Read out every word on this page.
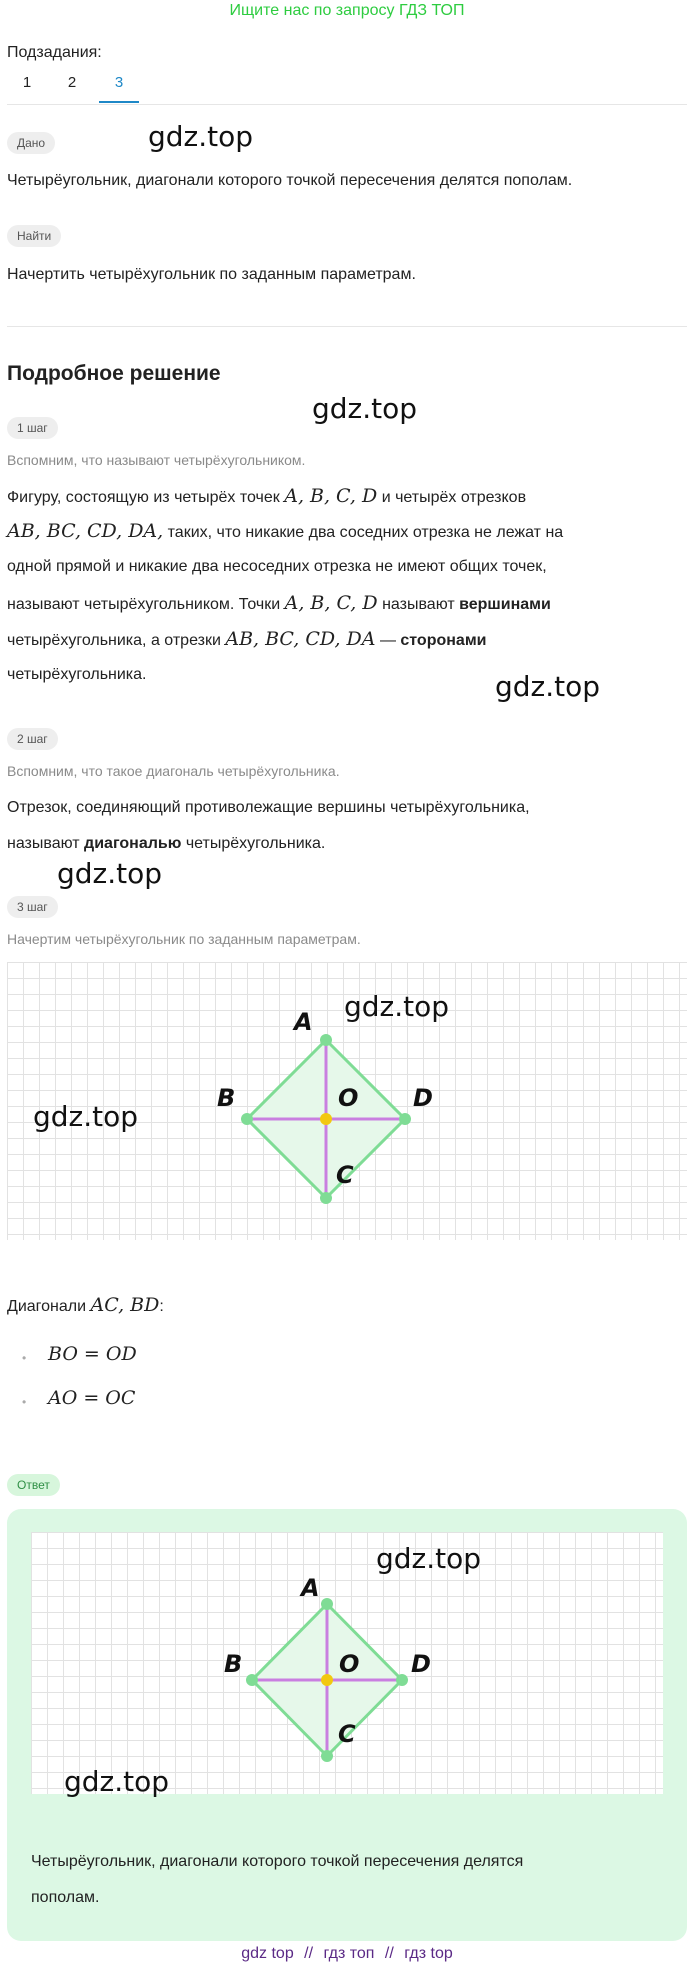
Ищите нас по запросу ГДЗ ТОП
Подзадания:
1	2	3
Дано	gdz.top
Четырёугольник, диагонали которого точкой пересечения делятся пополам.
Найти
Начертить четырёхугольник по заданным параметрам.
Подробное решение
gdz.top
1 шаг
Вспомним, что называют четырёхугольником.
Фигуру, состоящую из четырёх точек A, B, C, D и четырёх отрезков
AB, BC, CD, DA, таких, что никакие два соседних отрезка не лежат на
одной прямой и никакие два несоседних отрезка не имеют общих точек,
называют четырёхугольником. Точки A, B, C, D называют вершинами
четырёхугольника, а отрезки AB, BC, CD, DA — сторонами
четырёхугольника.	gdz.top
2 шаг
Вспомним, что такое диагональ четырёхугольника.
Отрезок, соединяющий противолежащие вершины четырёхугольника,
называют диагональю четырёхугольника.
gdz.top
3 шаг
Начертим четырёхугольник по заданным параметрам.
A
B
C
D
O
gdz.top
gdz.top
Диагонали AC, BD:
• BO = OD
• AO = OC
Ответ
A
B
C
D
O
gdz.top
gdz.top
Четырёугольник, диагонали которого точкой пересечения делятся
пополам.
gdz top // гдз топ // гдз top
